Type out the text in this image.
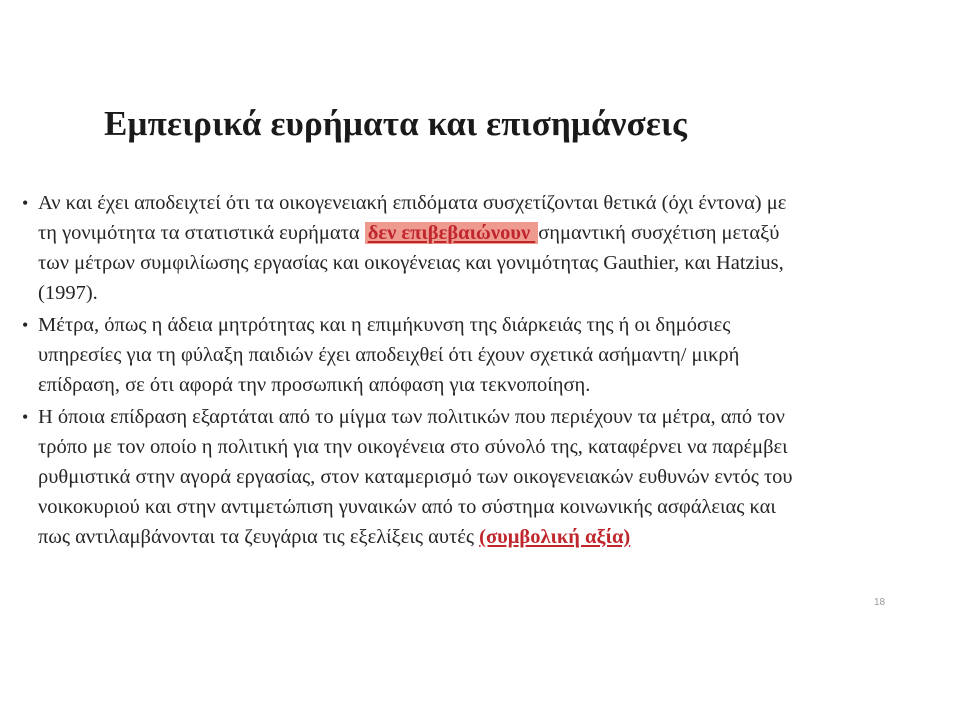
Εμπειρικά ευρήματα και επισημάνσεις
• Αν και έχει αποδειχτεί ότι τα οικογενειακή επιδόματα συσχετίζονται θετικά (όχι έντονα) με
τη γονιμότητα τα στατιστικά ευρήματα δεν επιβεβαιώνουν σημαντική συσχέτιση μεταξύ
των μέτρων συμφιλίωσης εργασίας και οικογένειας και γονιμότητας Gauthier, και Hatzius,
(1997).
• Μέτρα, όπως η άδεια μητρότητας και η επιμήκυνση της διάρκειάς της ή οι δημόσιες
υπηρεσίες για τη φύλαξη παιδιών έχει αποδειχθεί ότι έχουν σχετικά ασήμαντη/ μικρή
επίδραση, σε ότι αφορά την προσωπική απόφαση για τεκνοποίηση.
• Η όποια επίδραση εξαρτάται από το μίγμα των πολιτικών που περιέχουν τα μέτρα, από τον
τρόπο με τον οποίο η πολιτική για την οικογένεια στο σύνολό της, καταφέρνει να παρέμβει
ρυθμιστικά στην αγορά εργασίας, στον καταμερισμό των οικογενειακών ευθυνών εντός του
νοικοκυριού και στην αντιμετώπιση γυναικών από το σύστημα κοινωνικής ασφάλειας και
πως αντιλαμβάνονται τα ζευγάρια τις εξελίξεις αυτές (συμβολική αξία)
18
